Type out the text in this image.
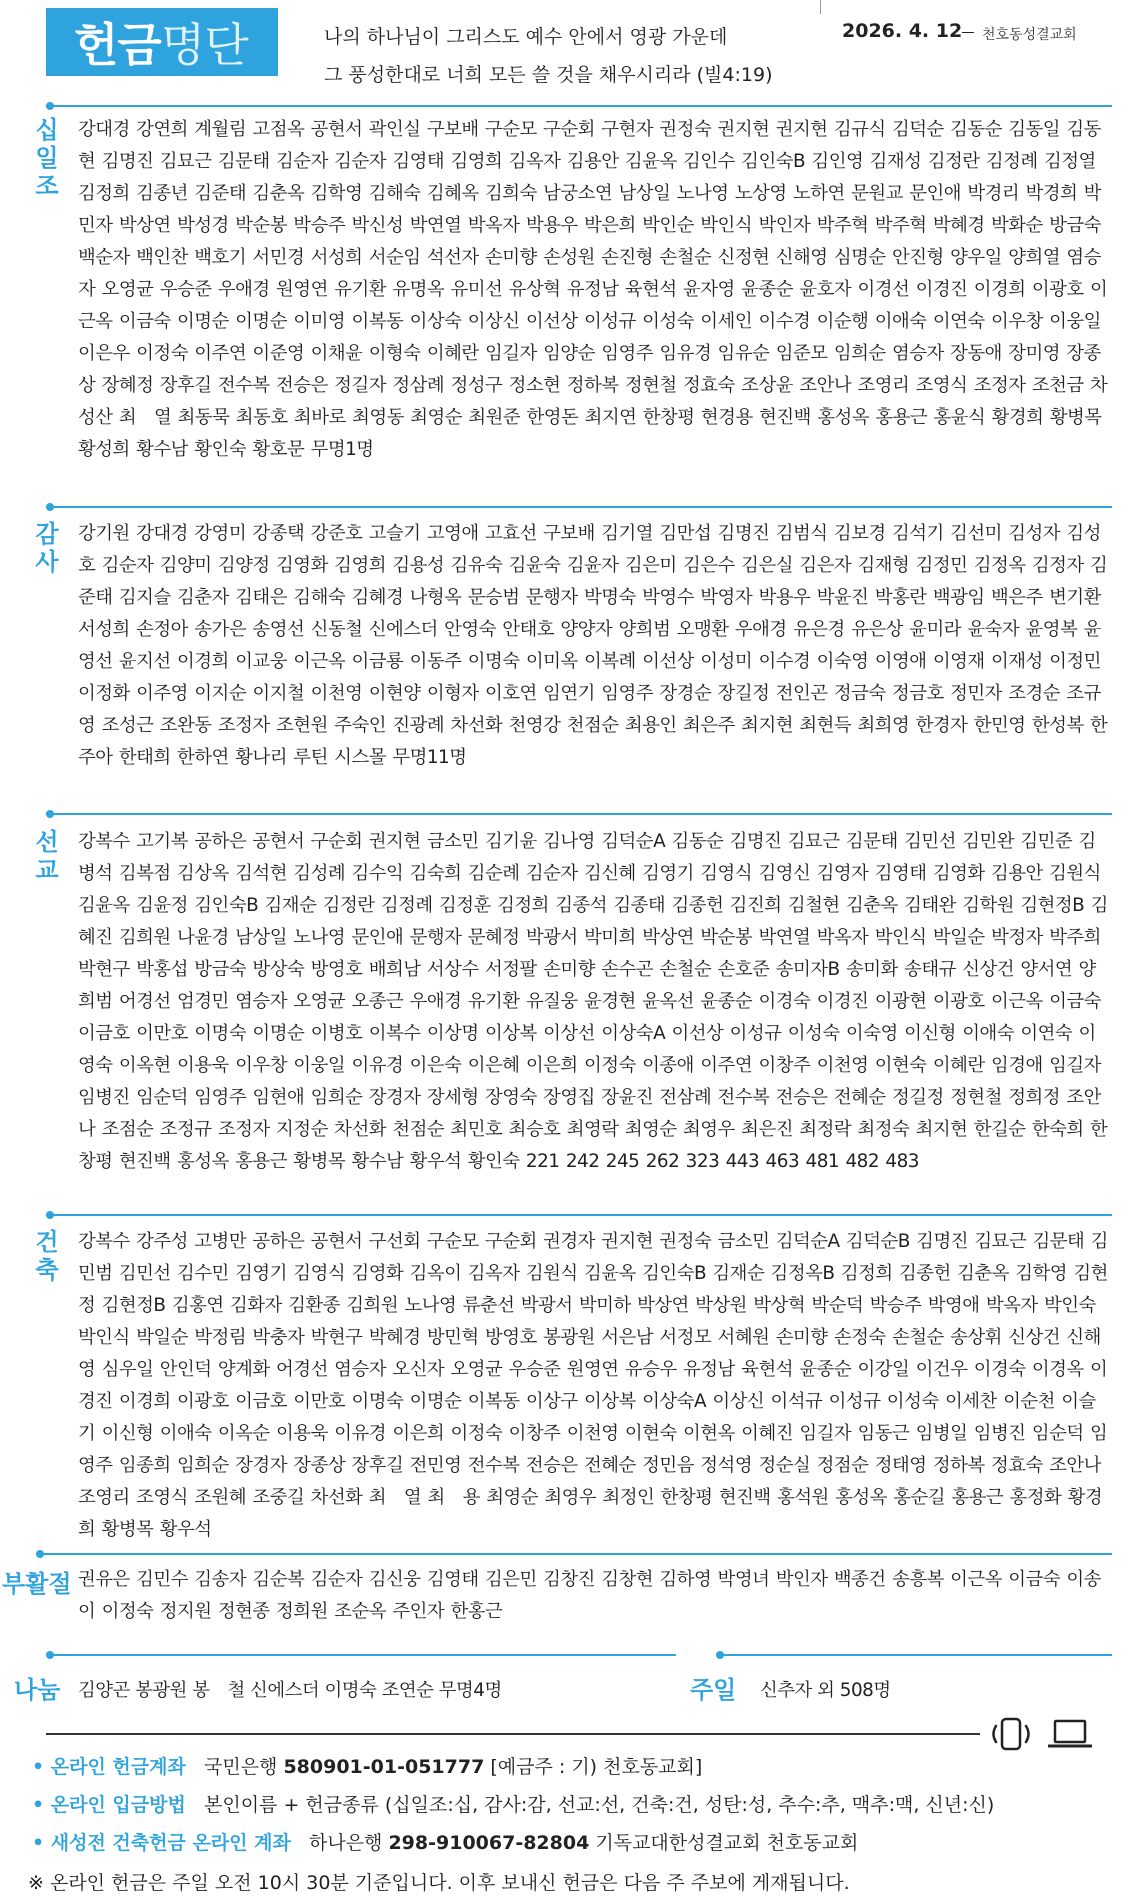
헌금 명단	나의 하나님이 그리스도 예수 안에서 영광 가운데
그 풍성한대로 너희 모든 쓸 것을 채우시리라 (빌4:19)
2026. 4. 12 천호동성결교회
십일조
강대경 강연희 계월림 고점옥 공현서 곽인실 구보배 구순모 구순회 구현자 권정숙 권지현 권지현 김규식 김덕순 김동순 김동일 김동현 김명진 김묘근 김문태 김순자 김순자 김영태 김영희 김옥자 김용안 김윤옥 김인수 김인숙B 김인영 김재성 김정란 김정례 김정열 김정희 김종년 김준태 김춘옥 김학영 김해숙 김혜옥 김희숙 남궁소연 남상일 노나영 노상영 노하연 문원교 문인애 박경리 박경희 박민자 박상연 박성경 박순봉 박승주 박신성 박연열 박옥자 박용우 박은희 박인순 박인식 박인자 박주혁 박주혁 박혜경 박화순 방금숙 백순자 백인찬 백호기 서민경 서성희 서순임 석선자 손미향 손성원 손진형 손철순 신정현 신해영 심명순 안진형 양우일 양희열 염승자 오영균 우승준 우애경 원영연 유기환 유명옥 유미선 유상혁 유정남 육현석 윤자영 윤종순 윤호자 이경선 이경진 이경희 이광호 이근옥 이금숙 이명순 이명순 이미영 이복동 이상숙 이상신 이선상 이성규 이성숙 이세인 이수경 이순행 이애숙 이연숙 이우창 이웅일 이은우 이정숙 이주연 이준영 이채윤 이형숙 이혜란 임길자 임양순 임영주 임유경 임유순 임준모 임희순 염승자 장동애 장미영 장종상 장혜정 장후길 전수복 전승은 정길자 정삼례 정성구 정소현 정하복 정현철 정효숙 조상윤 조안나 조영리 조영식 조정자 조천금 차성산 최　열 최동묵 최동호 최바로 최영동 최영순 최원준 한영돈 최지연 한창평 현경용 현진백 홍성옥 홍용근 홍윤식 황경희 황병목 황성희 황수남 황인숙 황호문 무명1명
감사
강기원 강대경 강영미 강종택 강준호 고슬기 고영애 고효선 구보배 김기열 김만섭 김명진 김범식 김보경 김석기 김선미 김성자 김성호 김순자 김양미 김양정 김영화 김영희 김용성 김유숙 김윤숙 김윤자 김은미 김은수 김은실 김은자 김재형 김정민 김정옥 김정자 김준태 김지슬 김춘자 김태은 김해숙 김혜경 나형옥 문승범 문행자 박명숙 박영수 박영자 박용우 박윤진 박홍란 백광임 백은주 변기환 서성희 손정아 송가은 송영선 신동철 신에스더 안영숙 안태호 양양자 양희범 오맹환 우애경 유은경 유은상 윤미라 윤숙자 윤영복 윤영선 윤지선 이경희 이교웅 이근옥 이금룡 이동주 이명숙 이미옥 이복례 이선상 이성미 이수경 이숙영 이영애 이영재 이재성 이정민 이정화 이주영 이지순 이지철 이천영 이현양 이형자 이호연 임연기 임영주 장경순 장길정 전인곤 정금숙 정금호 정민자 조경순 조규영 조성근 조완동 조정자 조현원 주숙인 진광례 차선화 천영강 천점순 최용인 최은주 최지현 최현득 최희영 한경자 한민영 한성복 한주아 한태희 한하연 황나리 루틴 시스몰 무명11명
선교
강복수 고기복 공하은 공현서 구순회 권지현 금소민 김기윤 김나영 김덕순A 김동순 김명진 김묘근 김문태 김민선 김민완 김민준 김병석 김복점 김상옥 김석현 김성례 김수익 김숙희 김순례 김순자 김신혜 김영기 김영식 김영신 김영자 김영태 김영화 김용안 김원식 김윤옥 김윤정 김인숙B 김재순 김정란 김정례 김정훈 김정희 김종석 김종태 김종헌 김진희 김철현 김춘옥 김태완 김학원 김현정B 김혜진 김희원 나윤경 남상일 노나영 문인애 문행자 문혜정 박광서 박미희 박상연 박순봉 박연열 박옥자 박인식 박일순 박정자 박주희 박현구 박홍섭 방금숙 방상숙 방영호 배희남 서상수 서정팔 손미향 손수곤 손철순 손호준 송미자B 송미화 송태규 신상건 양서연 양희범 어경선 엄경민 염승자 오영균 오종근 우애경 유기환 유질웅 윤경현 윤옥선 윤종순 이경숙 이경진 이광현 이광호 이근옥 이금숙 이금호 이만호 이명숙 이명순 이병호 이복수 이상명 이상복 이상선 이상숙A 이선상 이성규 이성숙 이숙영 이신형 이애숙 이연숙 이영숙 이옥현 이용욱 이우창 이웅일 이유경 이은숙 이은혜 이은희 이정숙 이종애 이주연 이창주 이천영 이현숙 이혜란 임경애 임길자 임병진 임순덕 임영주 임현애 임희순 장경자 장세형 장영숙 장영집 장윤진 전삼례 전수복 전승은 전혜순 정길정 정현철 정희정 조안나 조점순 조정규 조정자 지정순 차선화 천점순 최민호 최승호 최영락 최영순 최영우 최은진 최정락 최정숙 최지현 한길순 한숙희 한창평 현진백 홍성옥 홍용근 황병목 황수남 황우석 황인숙 221 242 245 262 323 443 463 481 482 483
건축
강복수 강주성 고병만 공하은 공현서 구선회 구순모 구순회 권경자 권지현 권정숙 금소민 김덕순A 김덕순B 김명진 김묘근 김문태 김민범 김민선 김수민 김영기 김영식 김영화 김옥이 김옥자 김원식 김윤옥 김인숙B 김재순 김정옥B 김정희 김종헌 김춘옥 김학영 김현정 김현정B 김홍연 김화자 김환종 김희원 노나영 류춘선 박광서 박미하 박상연 박상원 박상혁 박순덕 박승주 박영애 박옥자 박인숙 박인식 박일순 박정림 박충자 박현구 박혜경 방민혁 방영호 봉광원 서은남 서정모 서혜원 손미향 손정숙 손철순 송상휘 신상건 신해영 심우일 안인덕 양계화 어경선 염승자 오신자 오영균 우승준 원영연 유승우 유정남 육현석 윤종순 이강일 이건우 이경숙 이경옥 이경진 이경희 이광호 이금호 이만호 이명숙 이명순 이복동 이상구 이상복 이상숙A 이상신 이석규 이성규 이성숙 이세찬 이순천 이슬기 이신형 이애숙 이옥순 이용욱 이유경 이은희 이정숙 이창주 이천영 이현숙 이현옥 이혜진 임길자 임동근 임병일 임병진 임순덕 임영주 임종희 임희순 장경자 장종상 장후길 전민영 전수복 전승은 전혜순 정민음 정석영 정순실 정점순 정태영 정하복 정효숙 조안나 조영리 조영식 조원혜 조중길 차선화 최　열 최　용 최영순 최영우 최정인 한창평 현진백 홍석원 홍성옥 홍순길 홍용근 홍정화 황경희 황병목 황우석
부활절 권유은 김민수 김송자 김순복 김순자 김신웅 김영태 김은민 김창진 김창현 김하영 박영녀 박인자 백종건 송흥복 이근옥 이금숙 이송이 이정숙 정지원 정현종 정희원 조순옥 주인자 한홍근
나눔 김양곤 봉광원 봉　철 신에스더 이명숙 조연순 무명4명	주일 신추자 외 508명
• 온라인 헌금계좌 국민은행 580901-01-051777 [예금주 : 기) 천호동교회]
• 온라인 입금방법 본인이름 + 헌금종류 (십일조:십, 감사:감, 선교:선, 건축:건, 성탄:성, 추수:추, 맥추:맥, 신년:신)
• 새성전 건축헌금 온라인 계좌 하나은행 298-910067-82804 기독교대한성결교회 천호동교회
※ 온라인 헌금은 주일 오전 10시 30분 기준입니다. 이후 보내신 헌금은 다음 주 주보에 게재됩니다.
